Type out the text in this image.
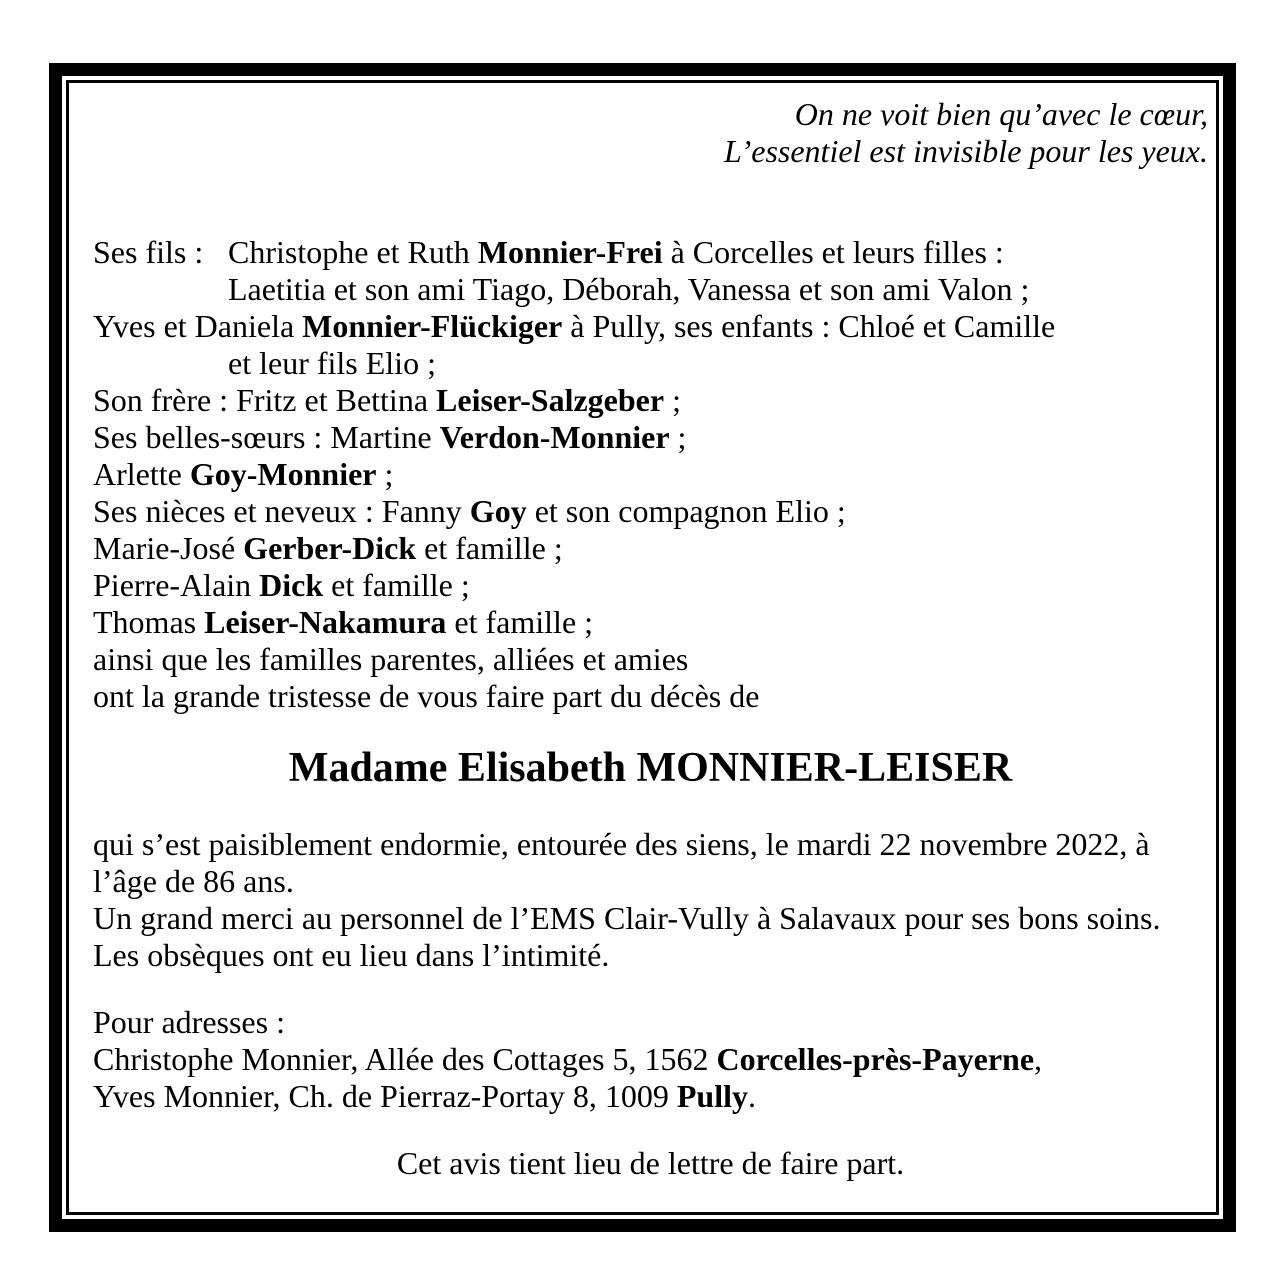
On ne voit bien qu’avec le cœur,
L’essentiel est invisible pour les yeux.
Ses fils : Christophe et Ruth Monnier-Frei à Corcelles et leurs filles :
Laetitia et son ami Tiago, Déborah, Vanessa et son ami Valon ;
Yves et Daniela Monnier-Flückiger à Pully, ses enfants : Chloé et Camille
et leur fils Elio ;
Son frère : Fritz et Bettina Leiser-Salzgeber ;
Ses belles-sœurs : Martine Verdon-Monnier ;
Arlette Goy-Monnier ;
Ses nièces et neveux : Fanny Goy et son compagnon Elio ;
Marie-José Gerber-Dick et famille ;
Pierre-Alain Dick et famille ;
Thomas Leiser-Nakamura et famille ;
ainsi que les familles parentes, alliées et amies
ont la grande tristesse de vous faire part du décès de
Madame Elisabeth MONNIER-LEISER
qui s’est paisiblement endormie, entourée des siens, le mardi 22 novembre 2022, à
l’âge de 86 ans.
Un grand merci au personnel de l’EMS Clair-Vully à Salavaux pour ses bons soins.
Les obsèques ont eu lieu dans l’intimité.
Pour adresses :
Christophe Monnier, Allée des Cottages 5, 1562 Corcelles-près-Payerne,
Yves Monnier, Ch. de Pierraz-Portay 8, 1009 Pully.
Cet avis tient lieu de lettre de faire part.
